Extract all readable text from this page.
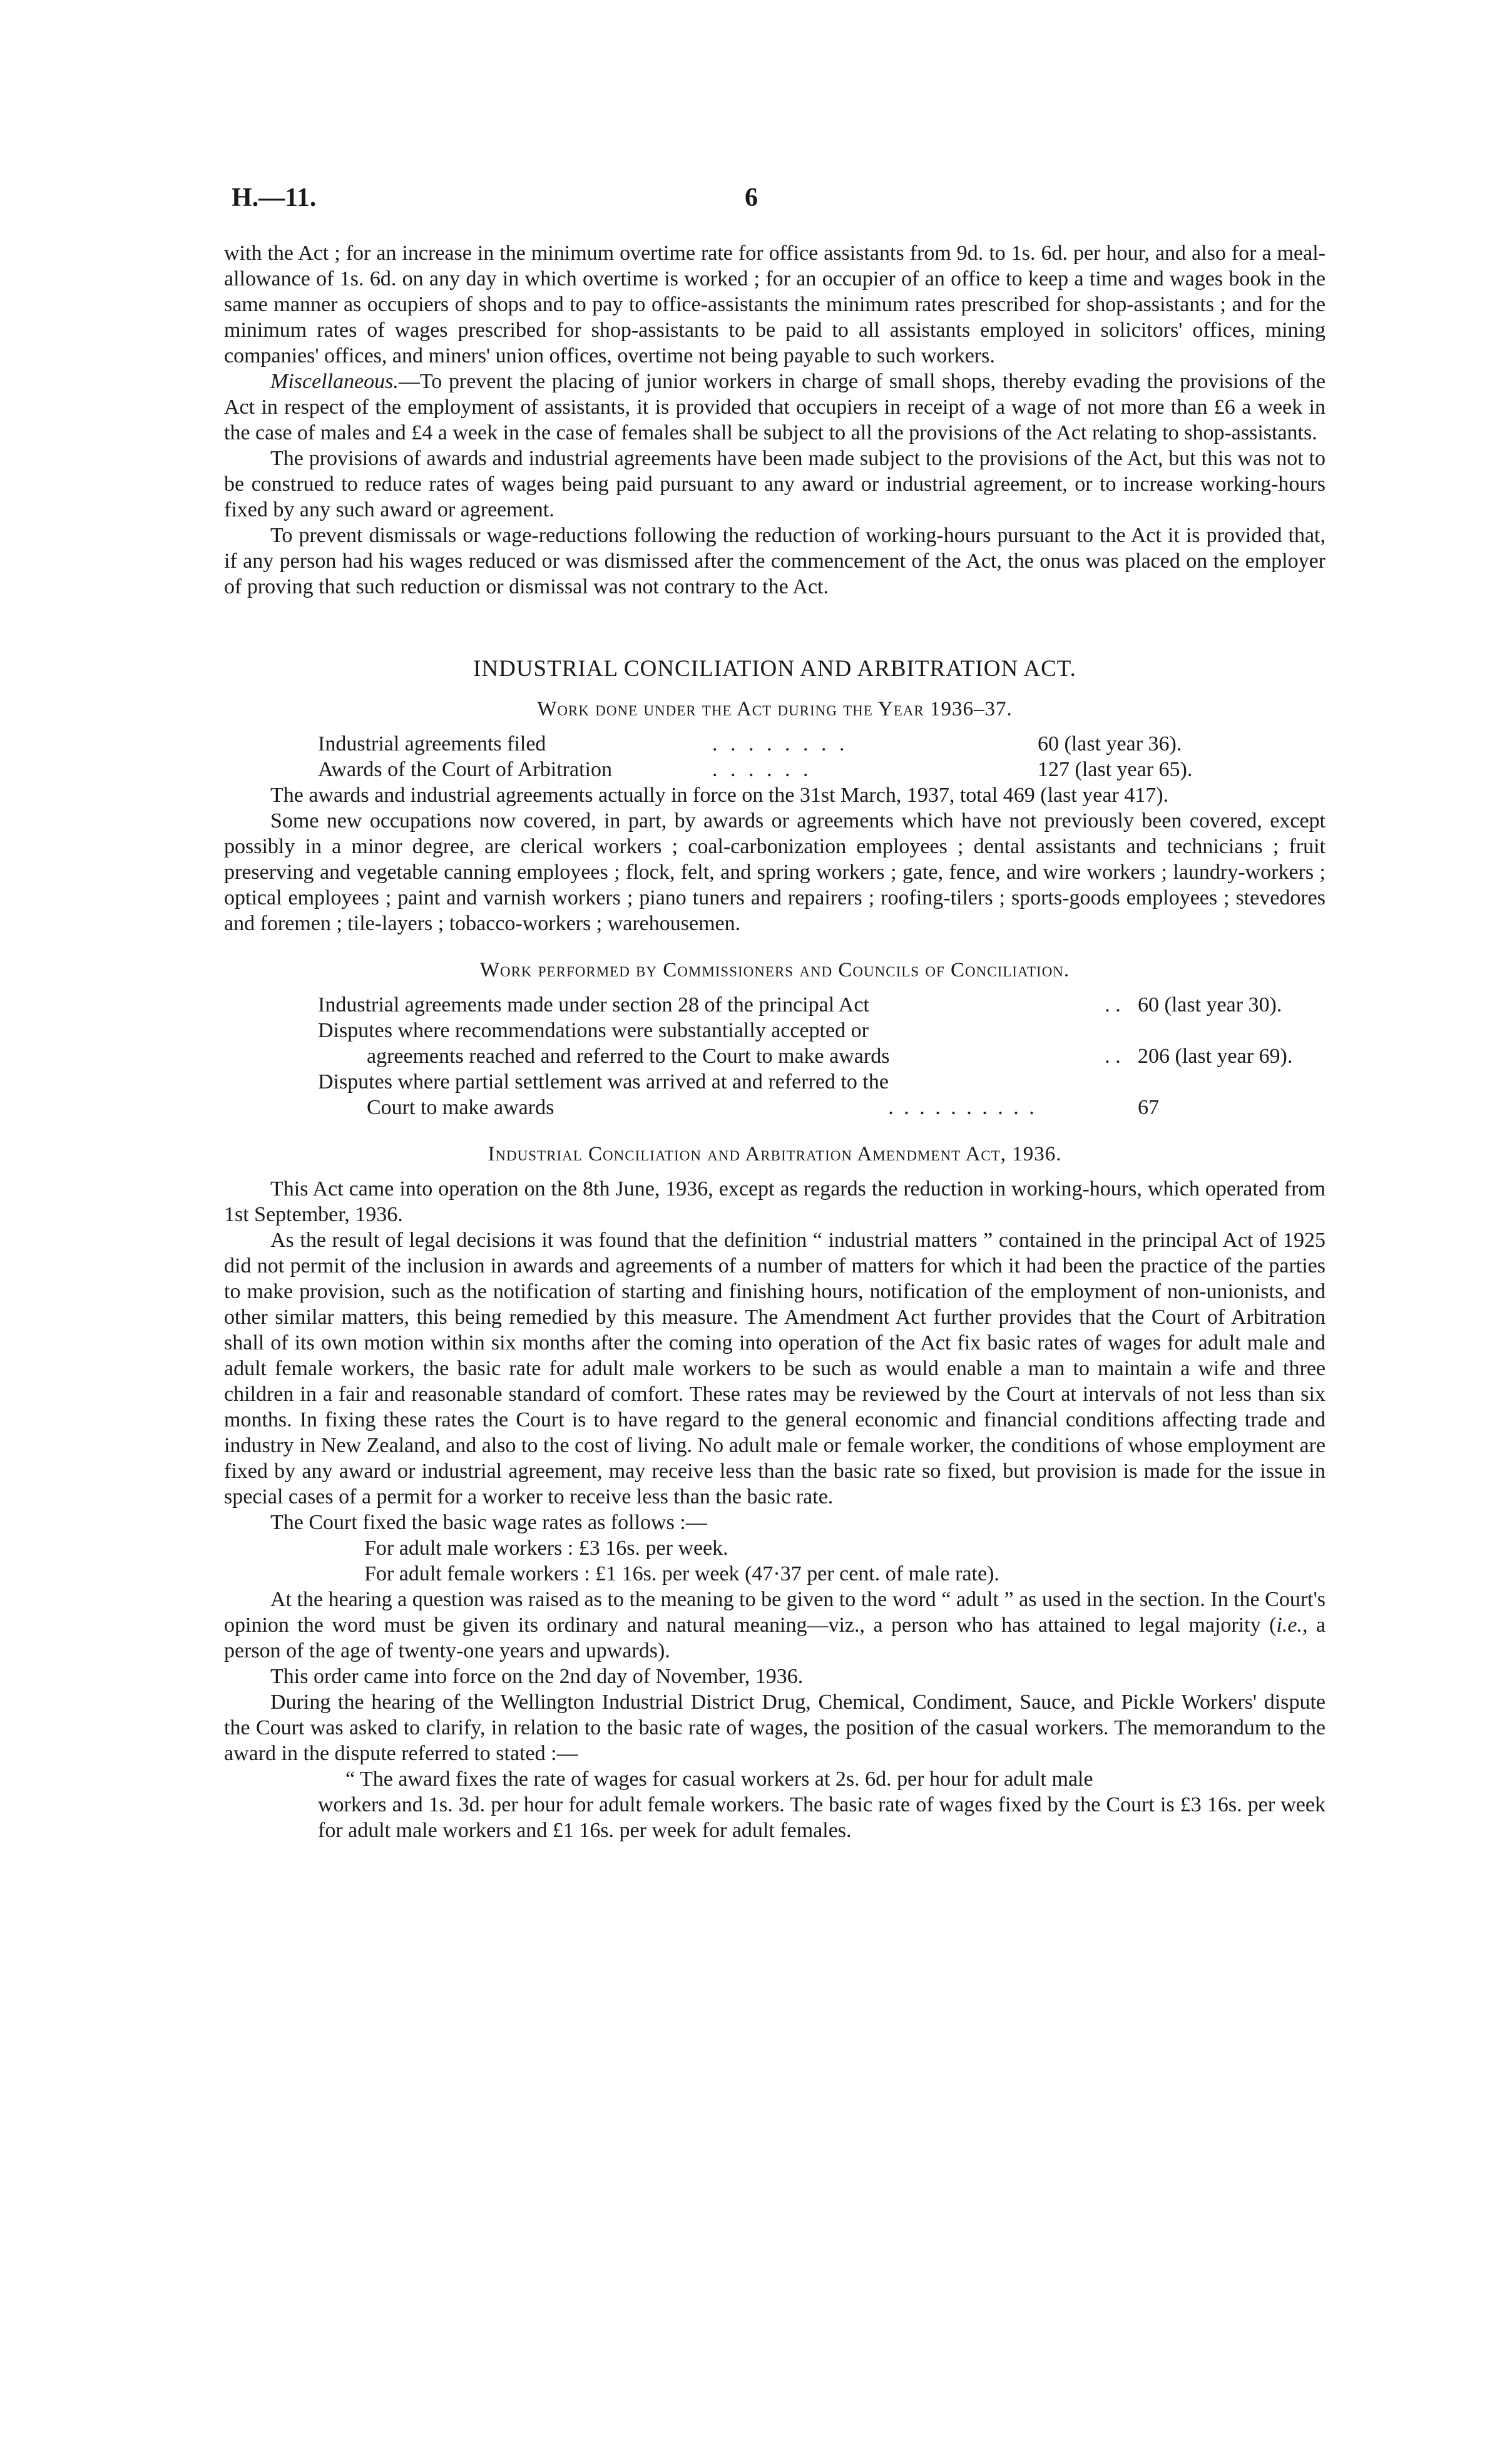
H.—11.	6

with the Act ; for an increase in the minimum overtime rate for office assistants from 9d. to 1s. 6d. per hour, and also for a meal-allowance of 1s. 6d. on any day in which overtime is worked ; for an occupier of an office to keep a time and wages book in the same manner as occupiers of shops and to pay to office-assistants the minimum rates prescribed for shop-assistants ; and for the minimum rates of wages prescribed for shop-assistants to be paid to all assistants employed in solicitors' offices, mining companies' offices, and miners' union offices, overtime not being payable to such workers.

Miscellaneous.—To prevent the placing of junior workers in charge of small shops, thereby evading the provisions of the Act in respect of the employment of assistants, it is provided that occupiers in receipt of a wage of not more than £6 a week in the case of males and £4 a week in the case of females shall be subject to all the provisions of the Act relating to shop-assistants.

The provisions of awards and industrial agreements have been made subject to the provisions of the Act, but this was not to be construed to reduce rates of wages being paid pursuant to any award or industrial agreement, or to increase working-hours fixed by any such award or agreement.

To prevent dismissals or wage-reductions following the reduction of working-hours pursuant to the Act it is provided that, if any person had his wages reduced or was dismissed after the commencement of the Act, the onus was placed on the employer of proving that such reduction or dismissal was not contrary to the Act.

INDUSTRIAL CONCILIATION AND ARBITRATION ACT.
Work done under the Act during the Year 1936–37.
Industrial agreements filed	. . . . . . . .	60 (last year 36).
Awards of the Court of Arbitration	. . . . . .	127 (last year 65).

The awards and industrial agreements actually in force on the 31st March, 1937, total 469 (last year 417).

Some new occupations now covered, in part, by awards or agreements which have not previously been covered, except possibly in a minor degree, are clerical workers ; coal-carbonization employees ; dental assistants and technicians ; fruit preserving and vegetable canning employees ; flock, felt, and spring workers ; gate, fence, and wire workers ; laundry-workers ; optical employees ; paint and varnish workers ; piano tuners and repairers ; roofing-tilers ; sports-goods employees ; stevedores and foremen ; tile-layers ; tobacco-workers ; warehousemen.

Work performed by Commissioners and Councils of Conciliation.
Industrial agreements made under section 28 of the principal Act	. . 60 (last year 30).
Disputes where recommendations were substantially accepted or
agreements reached and referred to the Court to make awards	. . 206 (last year 69).
Disputes where partial settlement was arrived at and referred to the
Court to make awards	. . . . . . . . . .	67
Industrial Conciliation and Arbitration Amendment Act, 1936.

This Act came into operation on the 8th June, 1936, except as regards the reduction in working-hours, which operated from 1st September, 1936.

As the result of legal decisions it was found that the definition “ industrial matters ” contained in the principal Act of 1925 did not permit of the inclusion in awards and agreements of a number of matters for which it had been the practice of the parties to make provision, such as the notification of starting and finishing hours, notification of the employment of non-unionists, and other similar matters, this being remedied by this measure. The Amendment Act further provides that the Court of Arbitration shall of its own motion within six months after the coming into operation of the Act fix basic rates of wages for adult male and adult female workers, the basic rate for adult male workers to be such as would enable a man to maintain a wife and three children in a fair and reasonable standard of comfort. These rates may be reviewed by the Court at intervals of not less than six months. In fixing these rates the Court is to have regard to the general economic and financial conditions affecting trade and industry in New Zealand, and also to the cost of living. No adult male or female worker, the conditions of whose employment are fixed by any award or industrial agreement, may receive less than the basic rate so fixed, but provision is made for the issue in special cases of a permit for a worker to receive less than the basic rate.

The Court fixed the basic wage rates as follows :—

For adult male workers : £3 16s. per week.

For adult female workers : £1 16s. per week (47·37 per cent. of male rate).

At the hearing a question was raised as to the meaning to be given to the word “ adult ” as used in the section. In the Court's opinion the word must be given its ordinary and natural meaning—viz., a person who has attained to legal majority (i.e., a person of the age of twenty-one years and upwards).

This order came into force on the 2nd day of November, 1936.

During the hearing of the Wellington Industrial District Drug, Chemical, Condiment, Sauce, and Pickle Workers' dispute the Court was asked to clarify, in relation to the basic rate of wages, the position of the casual workers. The memorandum to the award in the dispute referred to stated :—

“ The award fixes the rate of wages for casual workers at 2s. 6d. per hour for adult male

workers and 1s. 3d. per hour for adult female workers. The basic rate of wages fixed by the Court is £3 16s. per week for adult male workers and £1 16s. per week for adult females.
